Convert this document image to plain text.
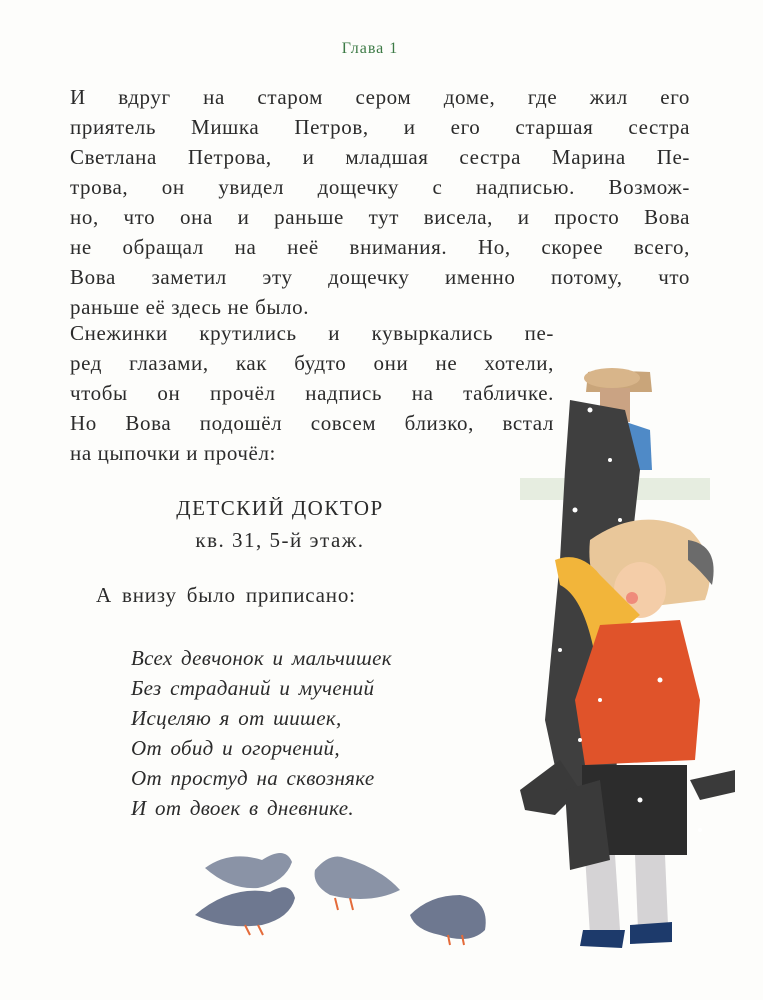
Глава 1

И вдруг на старом сером доме, где жил его
приятель Мишка Петров, и его старшая сестра
Светлана Петрова, и младшая сестра Марина Пе-
трова, он увидел дощечку с надписью. Возмож-
но, что она и раньше тут висела, и просто Вова
не обращал на неё внимания. Но, скорее всего,
Вова заметил эту дощечку именно потому, что
раньше её здесь не было.

Снежинки крутились и кувыркались пе-
ред глазами, как будто они не хотели,
чтобы он прочёл надпись на табличке.
Но Вова подошёл совсем близко, встал
на цыпочки и прочёл:

ДЕТСКИЙ ДОКТОР
кв. 31, 5-й этаж.
А внизу было приписано:
Всех девчонок и мальчишек
Без страданий и мучений
Исцеляю я от шишек,
От обид и огорчений,
От простуд на сквозняке
И от двоек в дневнике.
